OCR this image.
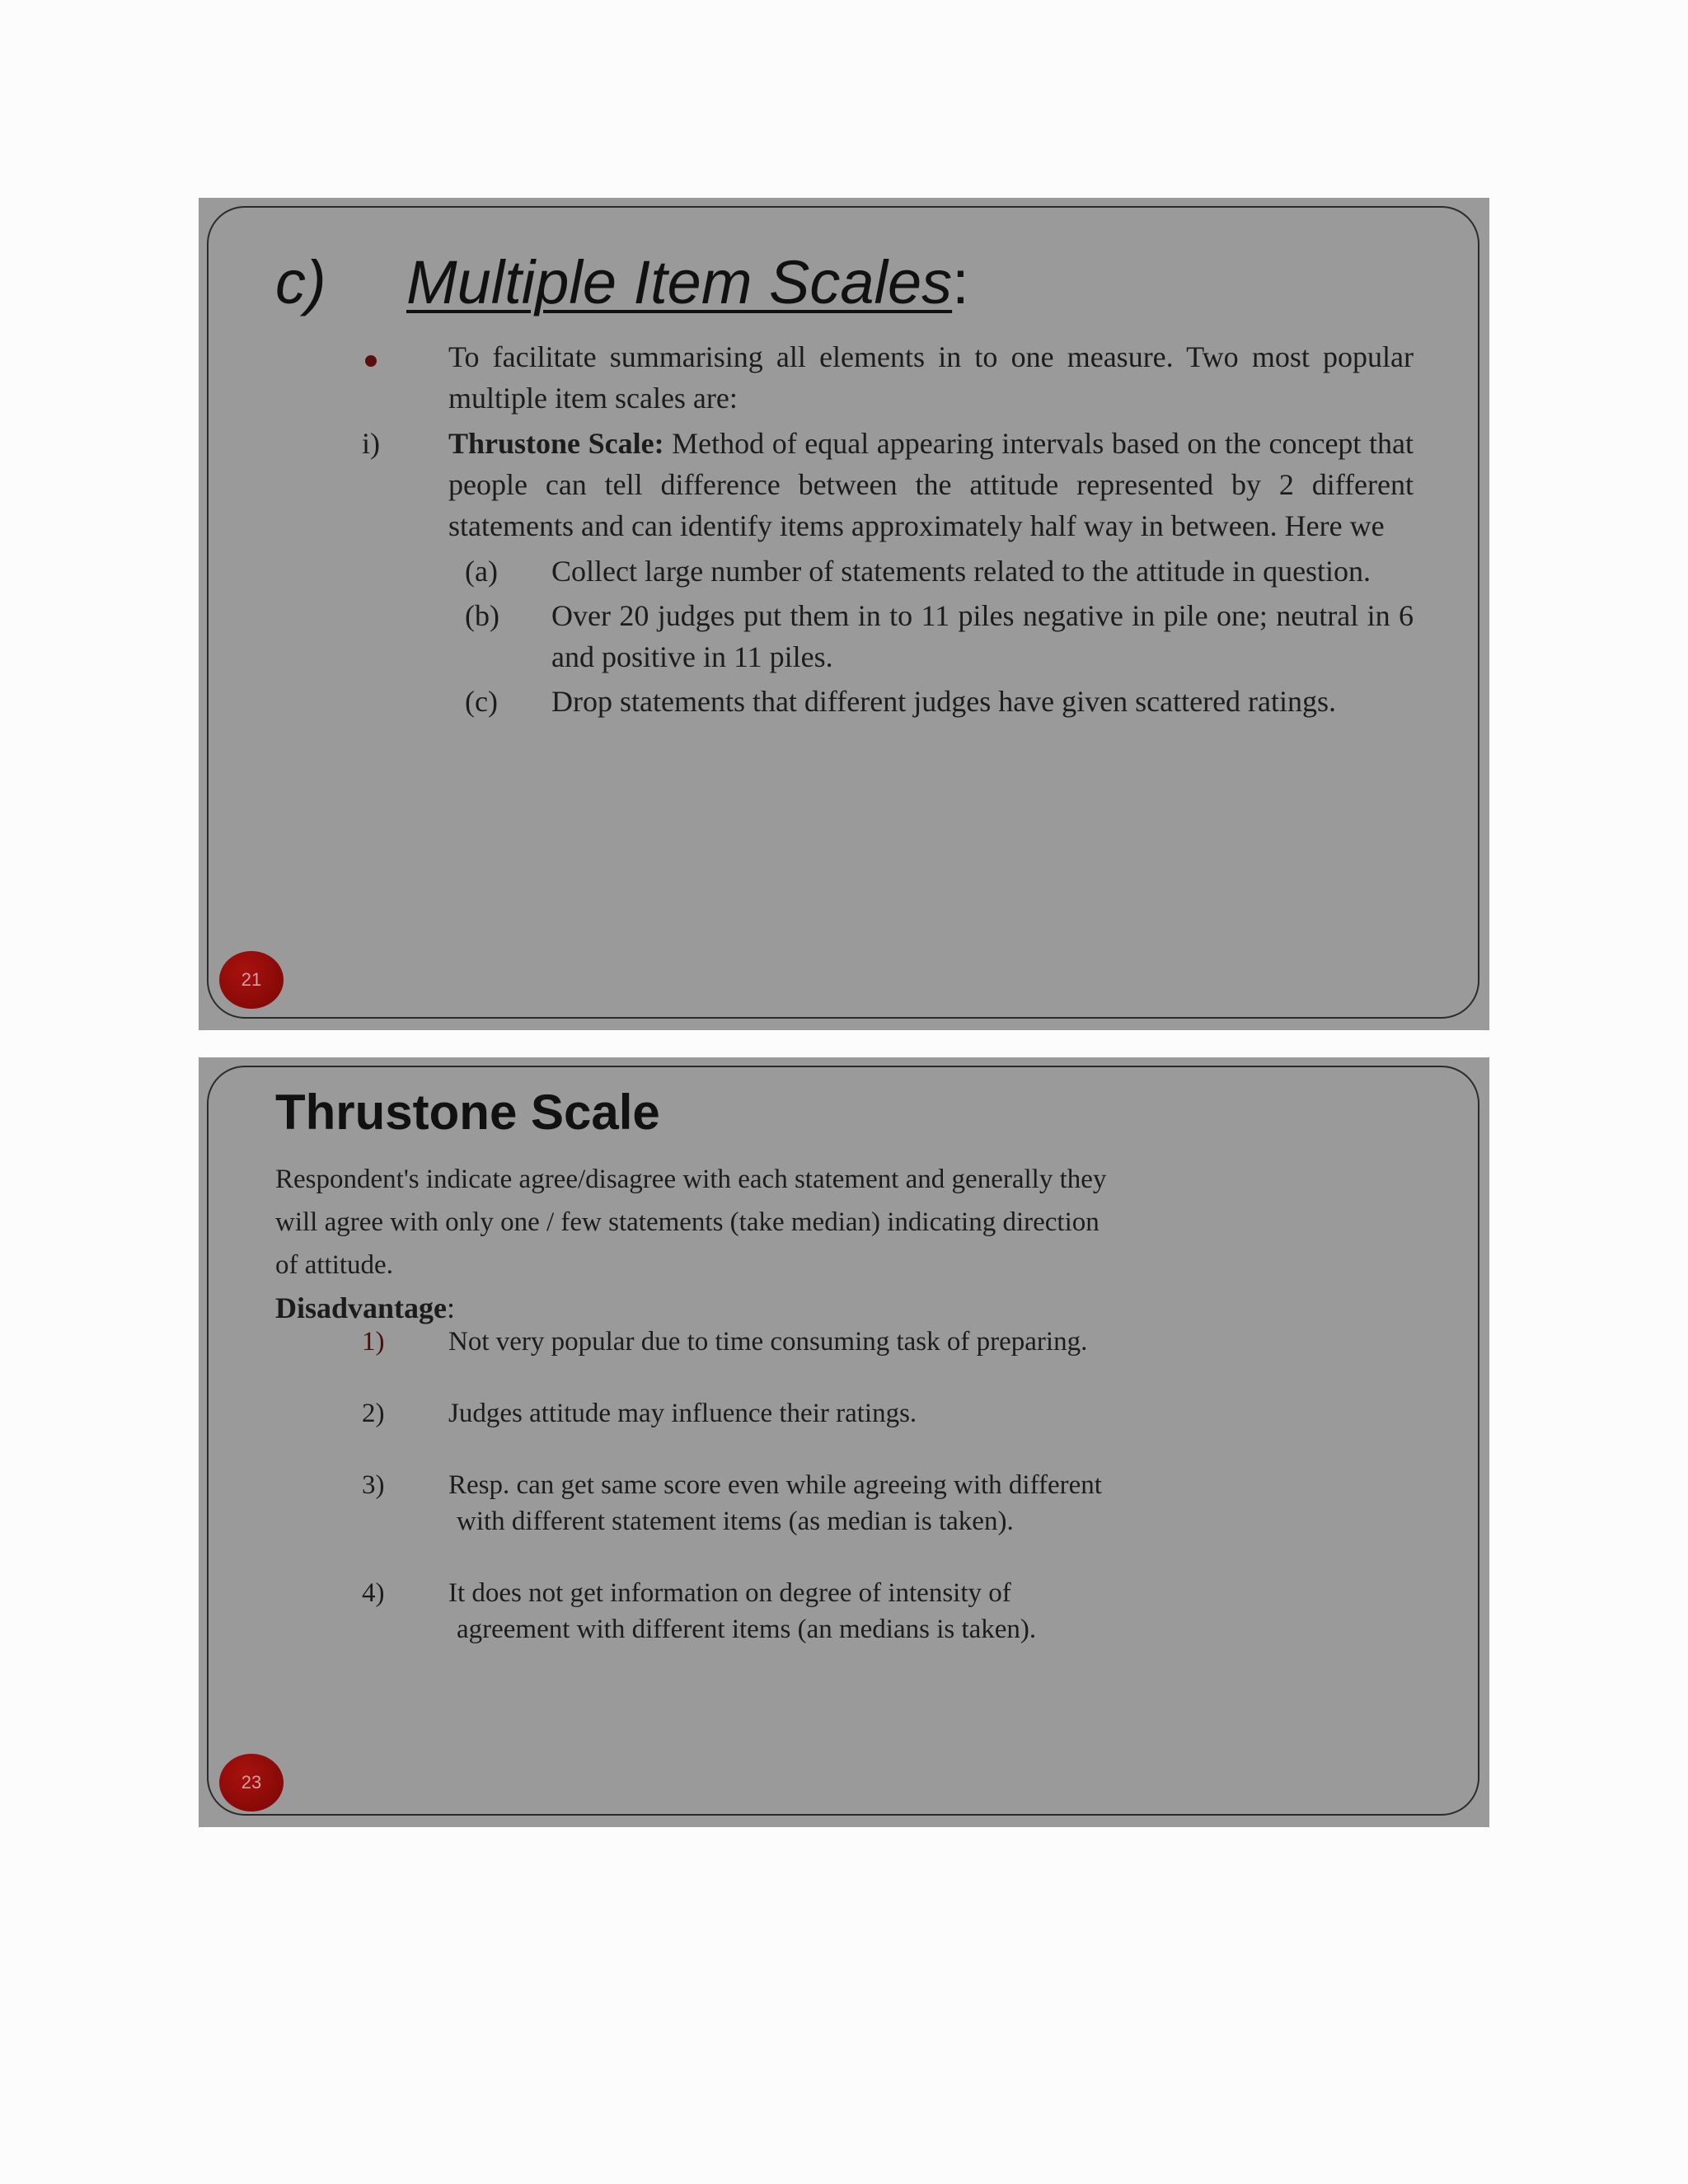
c) Multiple Item Scales:
To facilitate summarising all elements in to one measure. Two most popular multiple item scales are:
i)	Thrustone Scale: Method of equal appearing intervals based on the concept that people can tell difference between the attitude represented by 2 different statements and can identify items approximately half way in between. Here we
(a)	Collect large number of statements related to the attitude in question.
(b)	Over 20 judges put them in to 11 piles negative in pile one; neutral in 6 and positive in 11 piles.
(c)	Drop statements that different judges have given scattered ratings.
21
Thrustone Scale
Respondent's indicate agree/disagree with each statement and generally they
will agree with only one / few statements (take median) indicating direction
of attitude.
Disadvantage:
1)	Not very popular due to time consuming task of preparing.
2)	Judges attitude may influence their ratings.
3)	Resp. can get same score even while agreeing with different
with different statement items (as median is taken).
4)	It does not get information on degree of intensity of
agreement with different items (an medians is taken).
23
